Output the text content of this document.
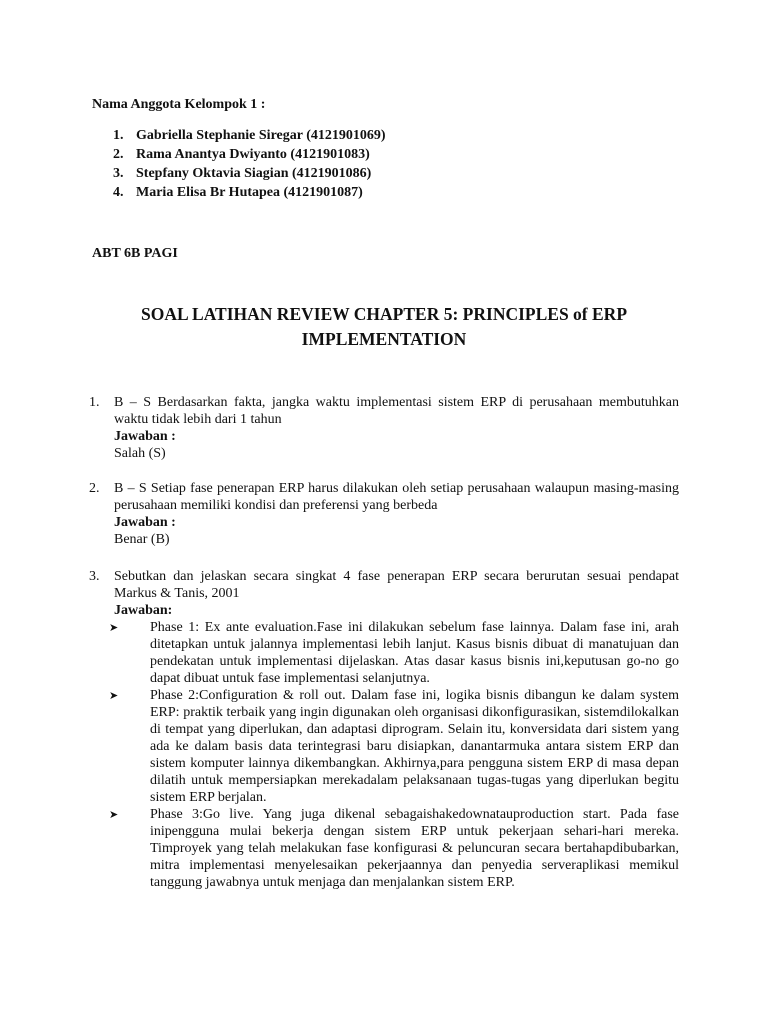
Nama Anggota Kelompok 1 :
1. Gabriella Stephanie Siregar (4121901069)
2. Rama Anantya Dwiyanto (4121901083)
3. Stepfany Oktavia Siagian (4121901086)
4. Maria Elisa Br Hutapea (4121901087)
ABT 6B PAGI
SOAL LATIHAN REVIEW CHAPTER 5: PRINCIPLES of ERP
IMPLEMENTATION
1. B – S Berdasarkan fakta, jangka waktu implementasi sistem ERP di perusahaan membutuhkan waktu tidak lebih dari 1 tahun
Jawaban :
Salah (S)
2. B – S Setiap fase penerapan ERP harus dilakukan oleh setiap perusahaan walaupun masing-masing perusahaan memiliki kondisi dan preferensi yang berbeda
Jawaban :
Benar (B)
3. Sebutkan dan jelaskan secara singkat 4 fase penerapan ERP secara berurutan sesuai pendapat Markus & Tanis, 2001
Jawaban:
➤ Phase 1: Ex ante evaluation.Fase ini dilakukan sebelum fase lainnya. Dalam fase ini, arah ditetapkan untuk jalannya implementasi lebih lanjut. Kasus bisnis dibuat di manatujuan dan pendekatan untuk implementasi dijelaskan. Atas dasar kasus bisnis ini,keputusan go-no go dapat dibuat untuk fase implementasi selanjutnya.
➤ Phase 2:Configuration & roll out. Dalam fase ini, logika bisnis dibangun ke dalam system ERP: praktik terbaik yang ingin digunakan oleh organisasi dikonfigurasikan, sistemdilokalkan di tempat yang diperlukan, dan adaptasi diprogram. Selain itu, konversidata dari sistem yang ada ke dalam basis data terintegrasi baru disiapkan, danantarmuka antara sistem ERP dan sistem komputer lainnya dikembangkan. Akhirnya,para pengguna sistem ERP di masa depan dilatih untuk mempersiapkan merekadalam pelaksanaan tugas-tugas yang diperlukan begitu sistem ERP berjalan.
➤ Phase 3:Go live. Yang juga dikenal sebagaishakedownatauproduction start. Pada fase inipengguna mulai bekerja dengan sistem ERP untuk pekerjaan sehari-hari mereka. Timproyek yang telah melakukan fase konfigurasi & peluncuran secara bertahapdibubarkan, mitra implementasi menyelesaikan pekerjaannya dan penyedia serveraplikasi memikul tanggung jawabnya untuk menjaga dan menjalankan sistem ERP.
